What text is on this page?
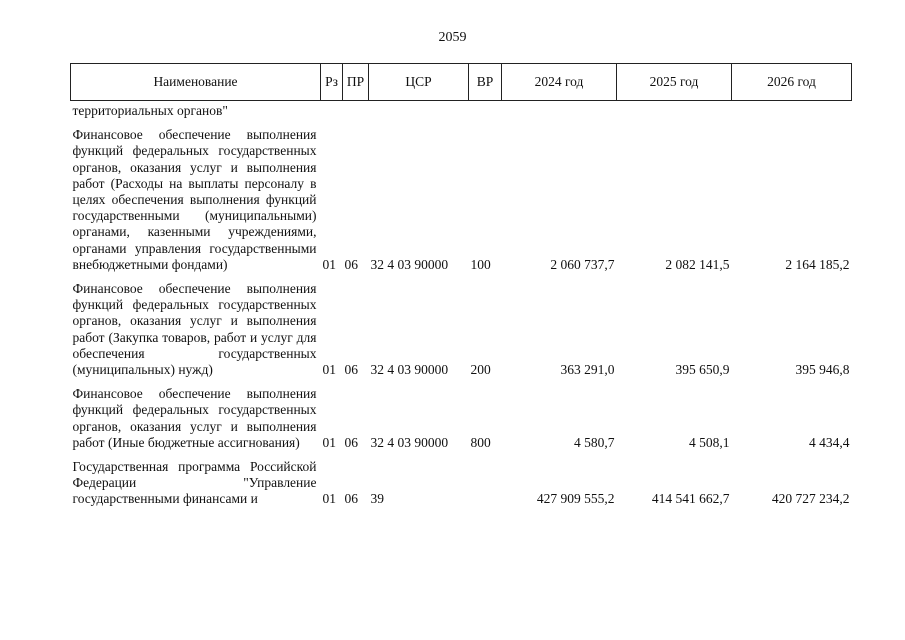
2059
Наименование	Рз	ПР	ЦСР	ВР	2024 год	2025 год	2026 год
территориальных органов"							

Финансовое обеспечение выполнения функций федеральных государственных органов, оказания услуг и выполнения работ (Расходы на выплаты персоналу в целях обеспечения выполнения функций государственными (муниципальными) органами, казенными учреждениями, органами управления государственными внебюджетными фондами)	01	06	32 4 03 90000	100	2 060 737,7	2 082 141,5	2 164 185,2

Финансовое обеспечение выполнения функций федеральных государственных органов, оказания услуг и выполнения работ (Закупка товаров, работ и услуг для обеспечения государственных (муниципальных) нужд)	01	06	32 4 03 90000	200	363 291,0	395 650,9	395 946,8

Финансовое обеспечение выполнения функций федеральных государственных органов, оказания услуг и выполнения работ (Иные бюджетные ассигнования)	01	06	32 4 03 90000	800	4 580,7	4 508,1	4 434,4

Государственная программа Российской Федерации "Управление государственными финансами и	01	06	39		427 909 555,2	414 541 662,7	420 727 234,2
